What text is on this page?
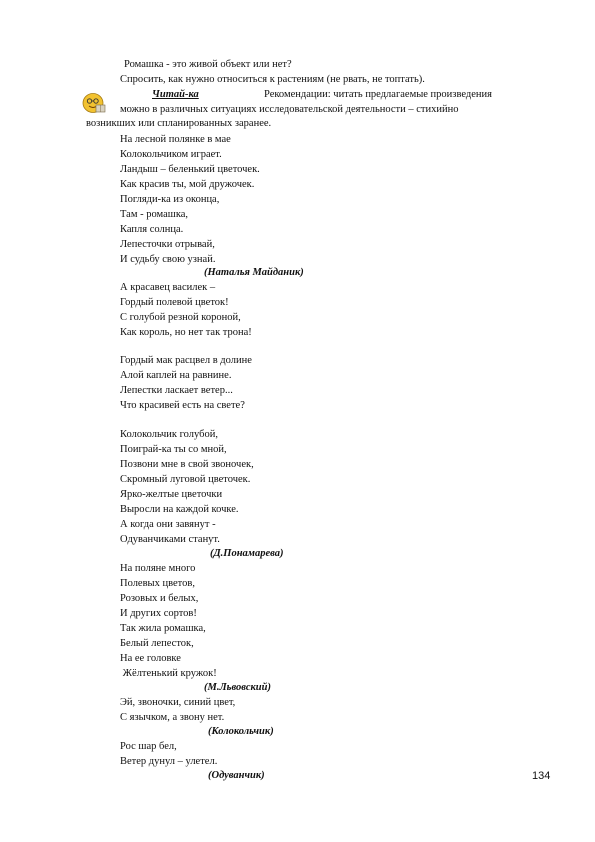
Ромашка - это живой объект или нет?
Спросить, как нужно относиться к растениям (не рвать, не топтать).
Читай-ка	Рекомендации: читать предлагаемые произведения
можно в различных ситуациях исследовательской деятельности – стихийно
возникших или спланированных заранее.
На лесной полянке в мае
Колокольчиком играет.
Ландыш – беленький цветочек.
Как красив ты, мой дружочек.
Погляди-ка из оконца,
Там - ромашка,
Капля солнца.
Лепесточки отрывай,
И судьбу свою узнай.
(Наталья Майданик)
А красавец василек –
Гордый полевой цветок!
С голубой резной короной,
Как король, но нет так трона!
Гордый мак расцвел в долине
Алой каплей на равнине.
Лепестки ласкает ветер...
Что красивей есть на свете?
Колокольчик голубой,
Поиграй-ка ты со мной,
Позвони мне в свой звоночек,
Скромный луговой цветочек.
Ярко-желтые цветочки
Выросли на каждой кочке.
А когда они завянут -
Одуванчиками станут.
(Д.Понамарева)
На поляне много
Полевых цветов,
Розовых и белых,
И других сортов!
Так жила ромашка,
Белый лепесток,
На ее головке
Жёлтенький кружок!
(М.Львовский)
Эй, звоночки, синий цвет,
С язычком, а звону нет.
(Колокольчик)
Рос шар бел,
Ветер дунул – улетел.
(Одуванчик)	134
